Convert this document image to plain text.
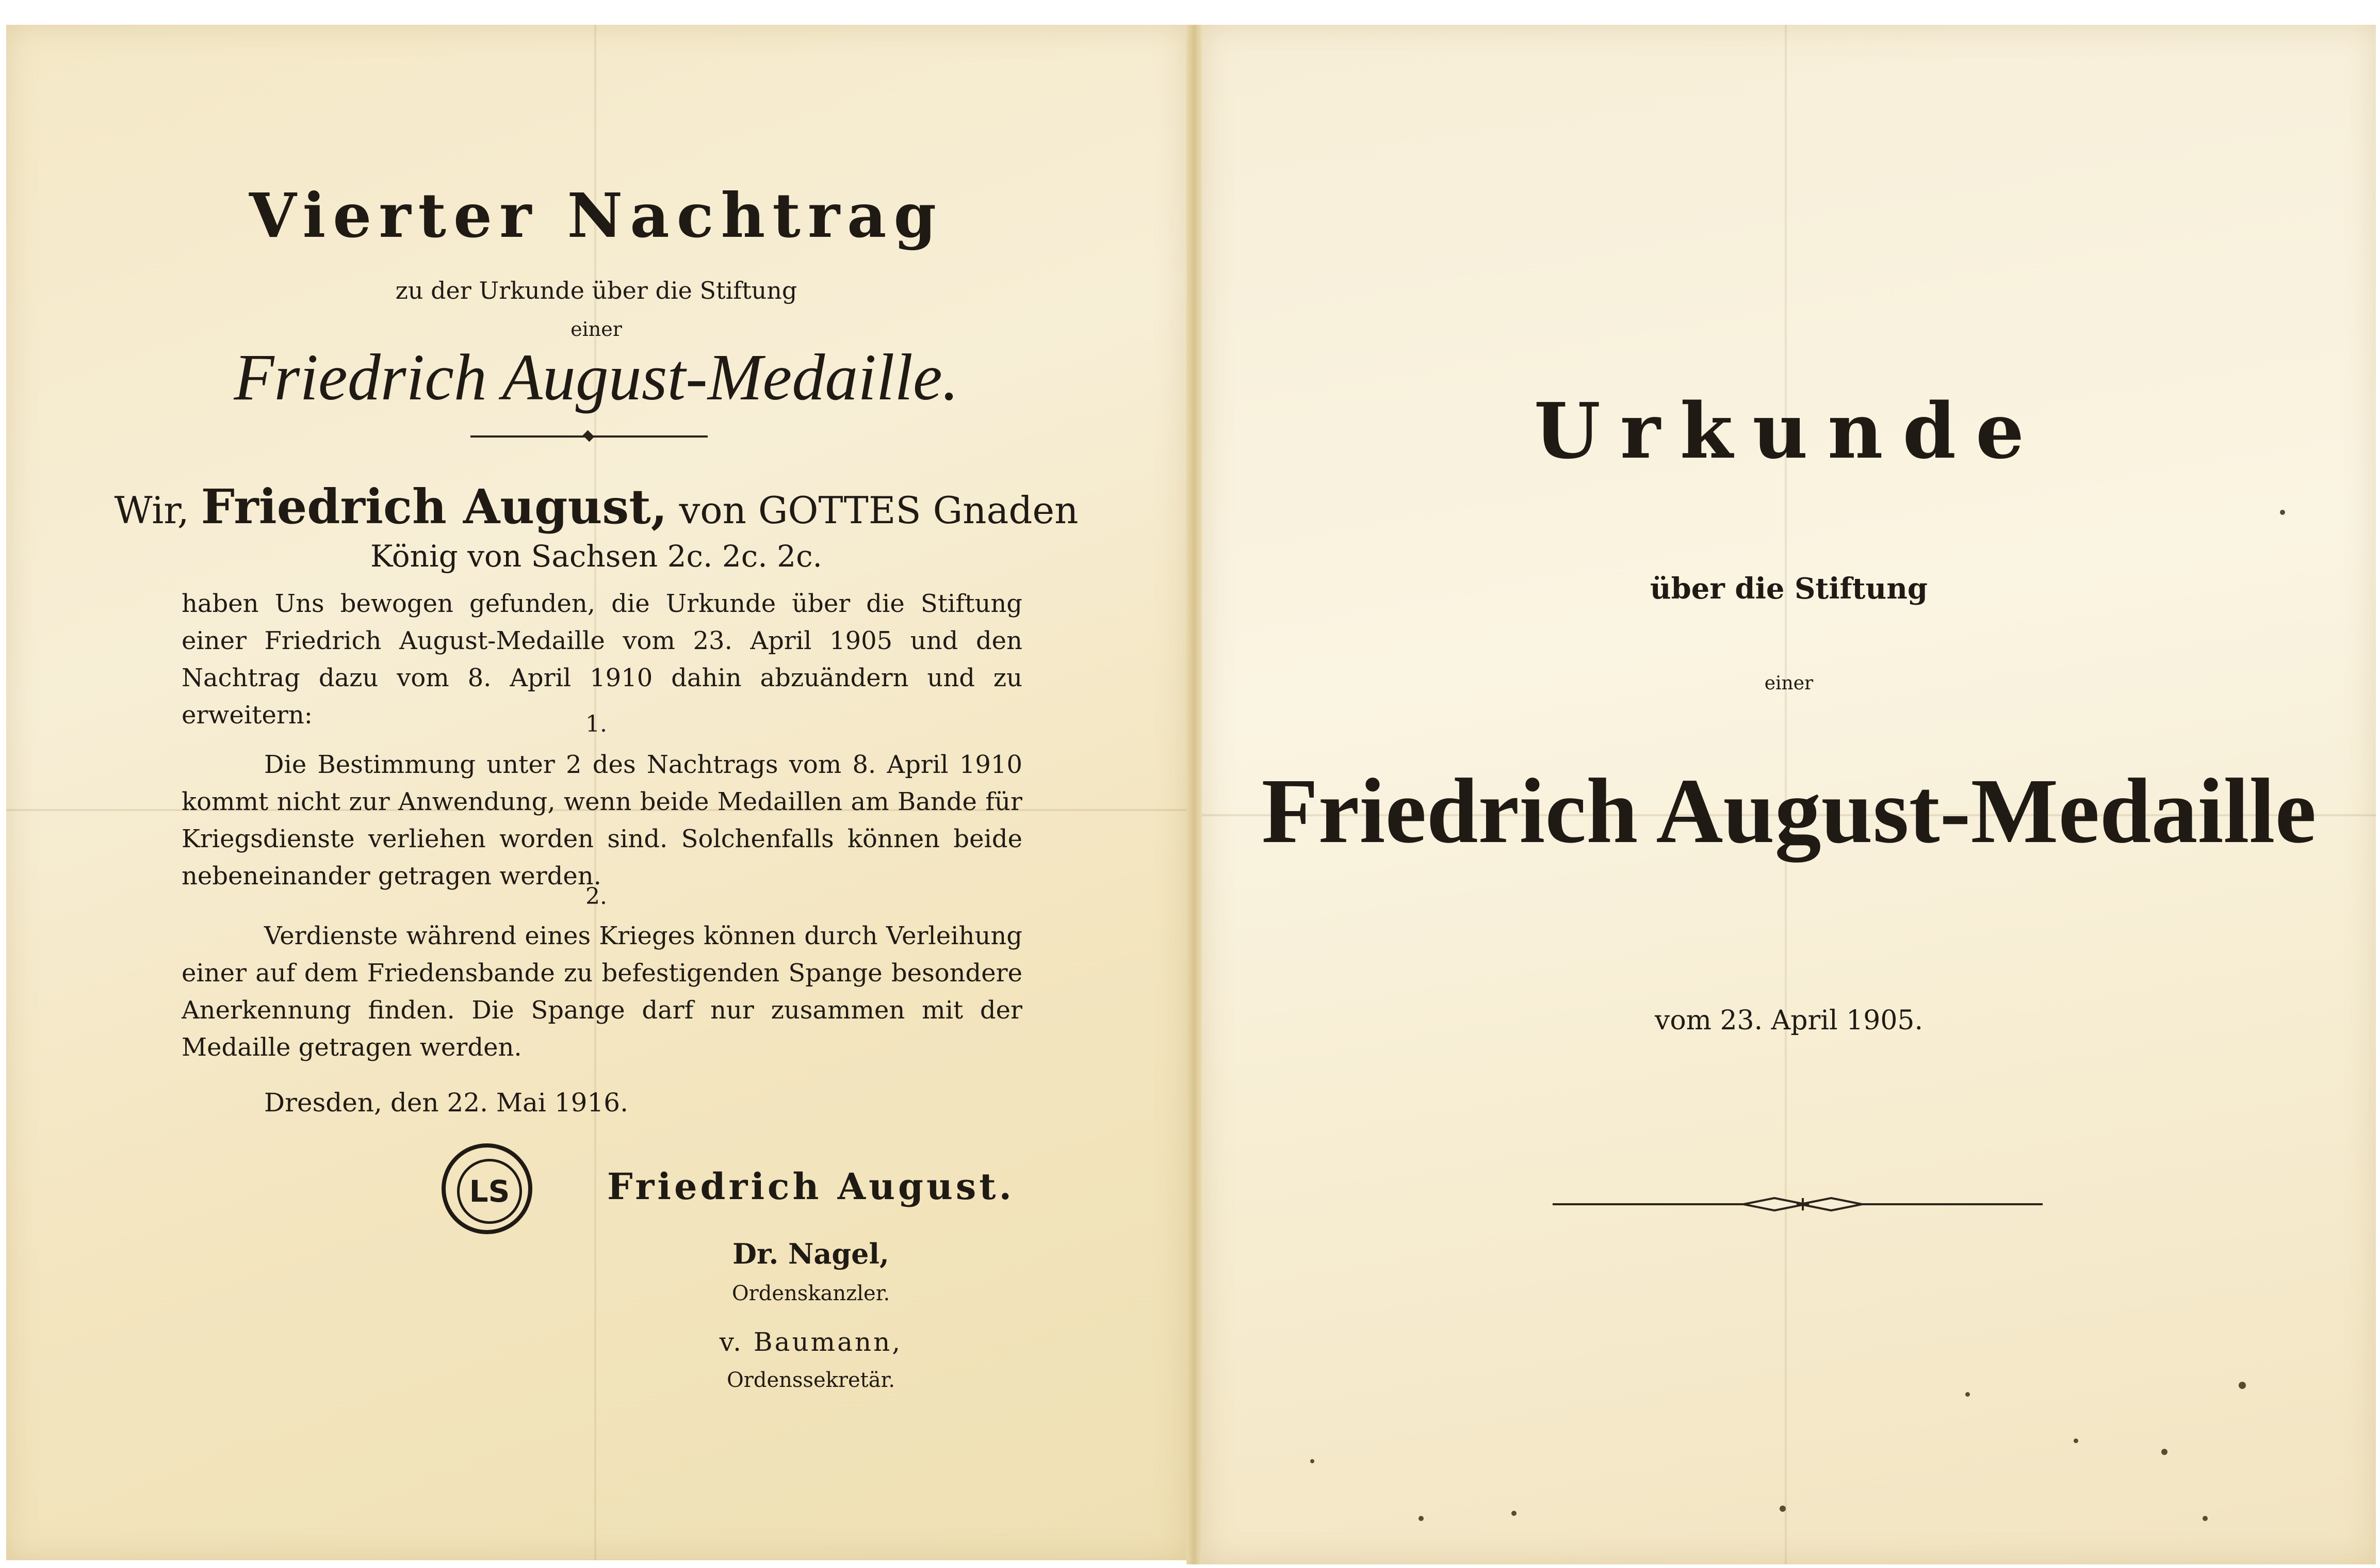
Vierter Nachtrag
zu der Urkunde über die Stiftung
einer
Friedrich August-Medaille.
Wir, Friedrich August, von GOTTES Gnaden
König von Sachsen 2c. 2c. 2c.
haben Uns bewogen gefunden, die Urkunde über die Stiftung einer Friedrich August-Medaille vom 23. April 1905 und den Nachtrag dazu vom 8. April 1910 dahin abzuändern und zu erweitern:	1.
Die Bestimmung unter 2 des Nachtrags vom 8. April 1910 kommt nicht zur Anwendung, wenn beide Medaillen am Bande für Kriegsdienste verliehen worden sind. Solchenfalls können beide nebeneinander getragen werden.
2.
Verdienste während eines Krieges können durch Verleihung einer auf dem Friedensbande zu befestigenden Spange besondere Anerkennung finden. Die Spange darf nur zusammen mit der Medaille getragen werden.
Dresden, den 22. Mai 1916.
LS	Friedrich August.
Dr. Nagel,
Ordenskanzler.
v. Baumann,
Ordenssekretär.
Urkunde
über die Stiftung
einer
Friedrich August-Medaille
vom 23. April 1905.
